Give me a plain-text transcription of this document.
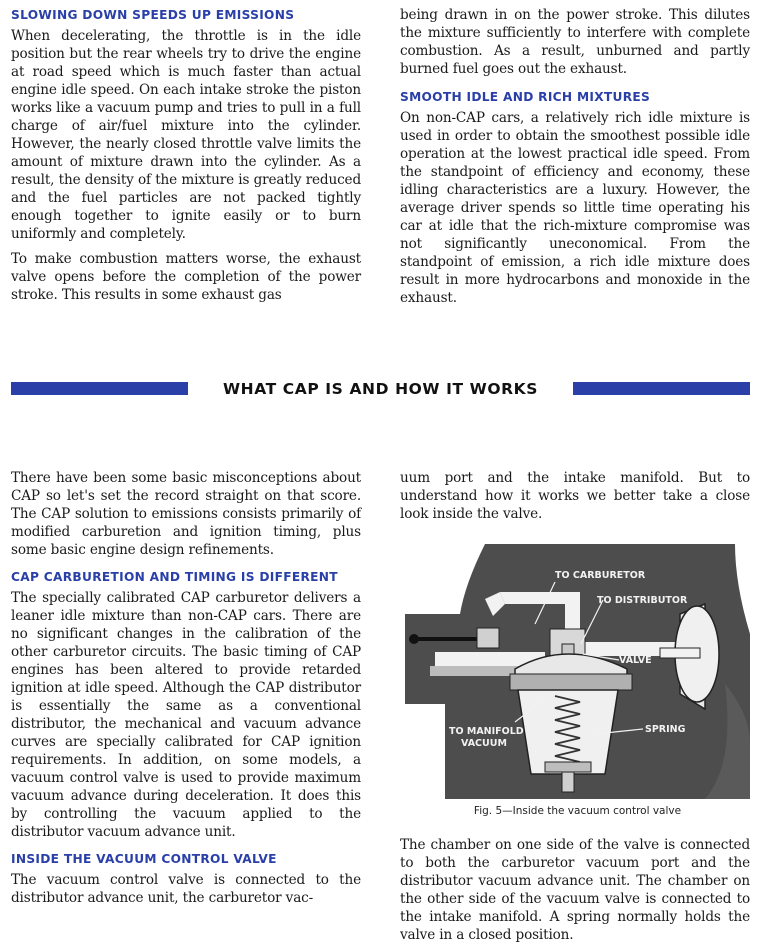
SLOWING DOWN SPEEDS UP EMISSIONS

When decelerating, the throttle is in the idle position but the rear wheels try to drive the engine at road speed which is much faster than actual engine idle speed. On each intake stroke the piston works like a vacuum pump and tries to pull in a full charge of air/fuel mixture into the cylinder. However, the nearly closed throttle valve limits the amount of mixture drawn into the cylinder. As a result, the density of the mixture is greatly reduced and the fuel particles are not packed tightly enough together to ignite easily or to burn uniformly and completely.

To make combustion matters worse, the exhaust valve opens before the completion of the power stroke. This results in some exhaust gas

being drawn in on the power stroke. This dilutes the mixture sufficiently to interfere with complete combustion. As a result, unburned and partly burned fuel goes out the exhaust.

SMOOTH IDLE AND RICH MIXTURES

On non-CAP cars, a relatively rich idle mixture is used in order to obtain the smoothest possible idle operation at the lowest practical idle speed. From the standpoint of efficiency and economy, these idling characteristics are a luxury. However, the average driver spends so little time operating his car at idle that the rich-mixture compromise was not significantly uneconomical. From the standpoint of emission, a rich idle mixture does result in more hydrocarbons and monoxide in the exhaust.

WHAT CAP IS AND HOW IT WORKS

There have been some basic misconceptions about CAP so let's set the record straight on that score. The CAP solution to emissions consists primarily of modified carburetion and ignition timing, plus some basic engine design refinements.

CAP CARBURETION AND TIMING IS DIFFERENT

The specially calibrated CAP carburetor delivers a leaner idle mixture than non-CAP cars. There are no significant changes in the calibration of the other carburetor circuits. The basic timing of CAP engines has been altered to provide retarded ignition at idle speed. Although the CAP distributor is essentially the same as a conventional distributor, the mechanical and vacuum advance curves are specially calibrated for CAP ignition requirements. In addition, on some models, a vacuum control valve is used to provide maximum vacuum advance during deceleration. It does this by controlling the vacuum applied to the distributor vacuum advance unit.

INSIDE THE VACUUM CONTROL VALVE

The vacuum control valve is connected to the distributor advance unit, the carburetor vac-

uum port and the intake manifold. But to understand how it works we better take a close look inside the valve.

TO CARBURETOR
TO DISTRIBUTOR
VALVE
TO MANIFOLD
VACUUM
SPRING
Fig. 5—Inside the vacuum control valve

The chamber on one side of the valve is connected to both the carburetor vacuum port and the distributor vacuum advance unit. The chamber on the other side of the vacuum valve is connected to the intake manifold. A spring normally holds the valve in a closed position.
